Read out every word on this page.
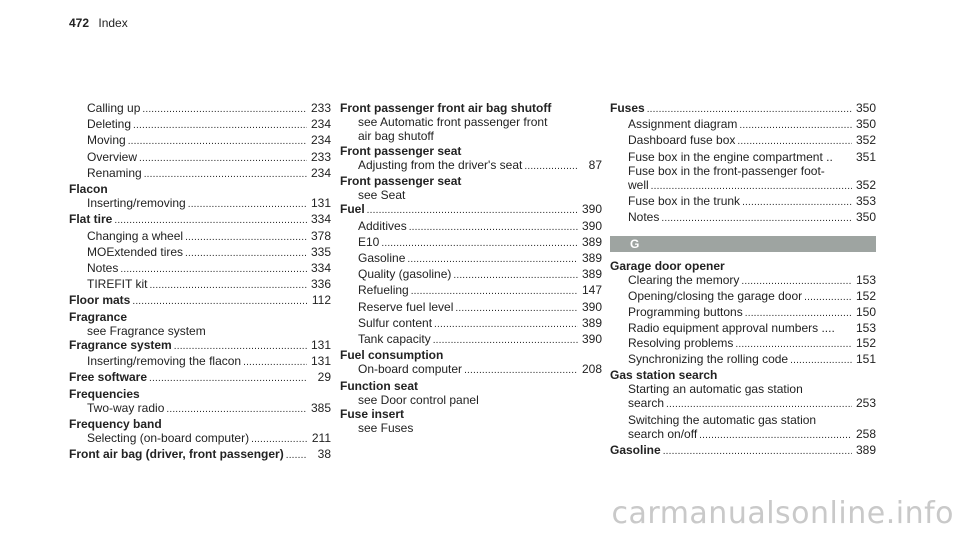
472 Index
Calling up .....	233
Deleting .....	234
Moving .....	234
Overview .....	233
Renaming .....	234
Flacon
Inserting/removing .....	131
Flat tire .....	334
Changing a wheel .....	378
MOExtended tires .....	335
Notes .....	334
TIREFIT kit .....	336
Floor mats .....	112
Fragrance
see Fragrance system
Fragrance system .....	131
Inserting/removing the flacon .....	131
Free software .....	29
Frequencies
Two-way radio .....	385
Frequency band
Selecting (on-board computer) .....	211
Front air bag (driver, front passenger) .....	38
Front passenger front air bag shutoff
see Automatic front passenger front
air bag shutoff
Front passenger seat
Adjusting from the driver's seat .....	87
Front passenger seat
see Seat
Fuel .....	390
Additives .....	390
E10 .....	389
Gasoline .....	389
Quality (gasoline) .....	389
Refueling .....	147
Reserve fuel level .....	390
Sulfur content .....	389
Tank capacity .....	390
Fuel consumption
On-board computer .....	208
Function seat
see Door control panel
Fuse insert
see Fuses
Fuses .....	350
Assignment diagram .....	350
Dashboard fuse box .....	352
Fuse box in the engine compartment .. 351
Fuse box in the front-passenger foot-
well .....	352
Fuse box in the trunk .....	353
Notes .....	350
G
Garage door opener
Clearing the memory .....	153
Opening/closing the garage door .....	152
Programming buttons .....	150
Radio equipment approval numbers .... 153
Resolving problems .....	152
Synchronizing the rolling code .....	151
Gas station search
Starting an automatic gas station
search .....	253
Switching the automatic gas station
search on/off .....	258
Gasoline .....	389
carmanualsonline.info
